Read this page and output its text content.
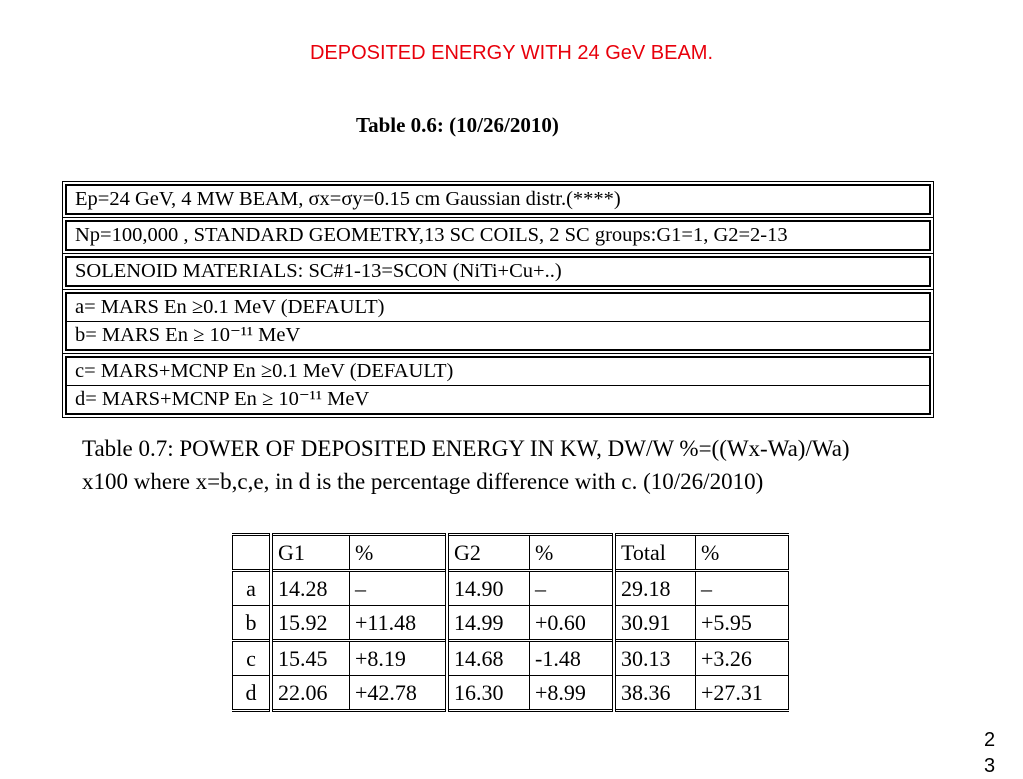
DEPOSITED ENERGY WITH 24 GeV BEAM.
Table 0.6: (10/26/2010)
Ep=24 GeV, 4 MW BEAM, σx=σy=0.15 cm Gaussian distr.(****)
Np=100,000 , STANDARD GEOMETRY,13 SC COILS, 2 SC groups:G1=1, G2=2-13
SOLENOID MATERIALS: SC#1-13=SCON (NiTi+Cu+..)
a= MARS En ≥0.1 MeV (DEFAULT)
b= MARS En ≥ 10⁻¹¹ MeV
c= MARS+MCNP En ≥0.1 MeV (DEFAULT)
d= MARS+MCNP En ≥ 10⁻¹¹ MeV
Table 0.7: POWER OF DEPOSITED ENERGY IN KW, DW/W %=((Wx-Wa)/Wa)
x100 where x=b,c,e, in d is the percentage difference with c. (10/26/2010)
	G1	%	G2	%	Total	%
a	14.28	–	14.90	–	29.18	–
b	15.92	+11.48	14.99	+0.60	30.91	+5.95
c	15.45	+8.19	14.68	-1.48	30.13	+3.26
d	22.06	+42.78	16.30	+8.99	38.36	+27.31
23
